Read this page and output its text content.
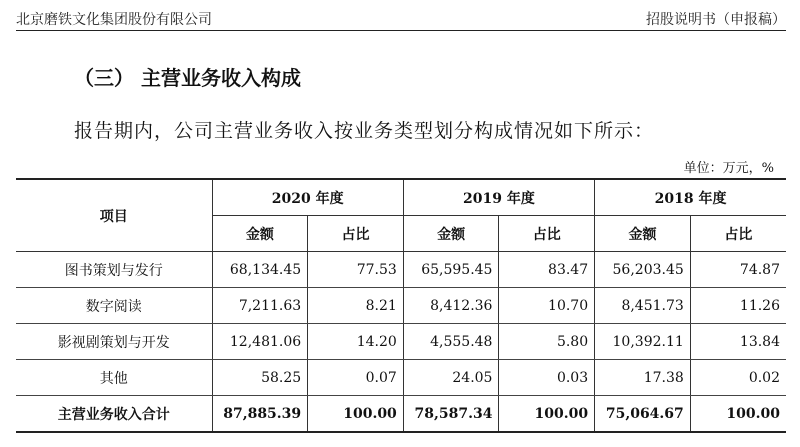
北京磨铁文化集团股份有限公司	招股说明书（申报稿）
（三） 主营业务收入构成
报告期内，公司主营业务收入按业务类型划分构成情况如下所示：
单位：万元，%
项目	2020 年度		2019 年度		2018 年度	
	金额	占比	金额	占比	金额	占比
图书策划与发行	68,134.45	77.53	65,595.45	83.47	56,203.45	74.87
数字阅读	7,211.63	8.21	8,412.36	10.70	8,451.73	11.26
影视剧策划与开发	12,481.06	14.20	4,555.48	5.80	10,392.11	13.84
其他	58.25	0.07	24.05	0.03	17.38	0.02
主营业务收入合计	87,885.39	100.00	78,587.34	100.00	75,064.67	100.00
